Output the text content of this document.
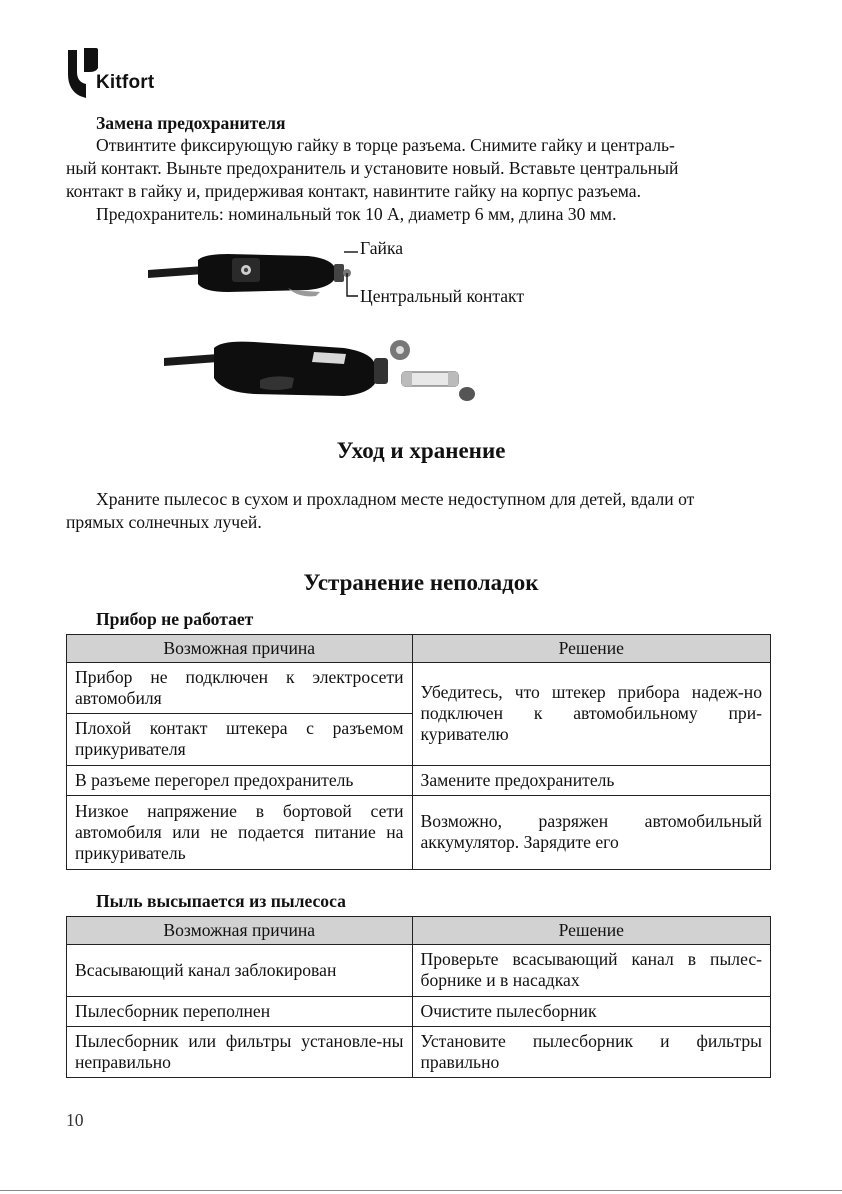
Kitfort
Замена предохранителя
Отвинтите фиксирующую гайку в торце разъема. Снимите гайку и централь-
ный контакт. Выньте предохранитель и установите новый. Вставьте центральный
контакт в гайку и, придерживая контакт, навинтите гайку на корпус разъема.
Предохранитель: номинальный ток 10 А, диаметр 6 мм, длина 30 мм.
Гайка
Центральный контакт
Уход и хранение
Храните пылесос в сухом и прохладном месте недоступном для детей, вдали от
прямых солнечных лучей.
Устранение неполадок
Прибор не работает
Возможная причина	Решение
Прибор не подключен к электросети автомобиля	Убедитесь, что штекер прибора надеж-но подключен к автомобильному при-куривателю
Плохой контакт штекера с разъемом прикуривателя	
В разъеме перегорел предохранитель	Замените предохранитель
Низкое напряжение в бортовой сети автомобиля или не подается питание на прикуриватель	Возможно, разряжен автомобильный аккумулятор. Зарядите его
Пыль высыпается из пылесоса
Возможная причина	Решение
Всасывающий канал заблокирован	Проверьте всасывающий канал в пылес-борнике и в насадках
Пылесборник переполнен	Очистите пылесборник
Пылесборник или фильтры установле-ны неправильно	Установите пылесборник и фильтры правильно
10
